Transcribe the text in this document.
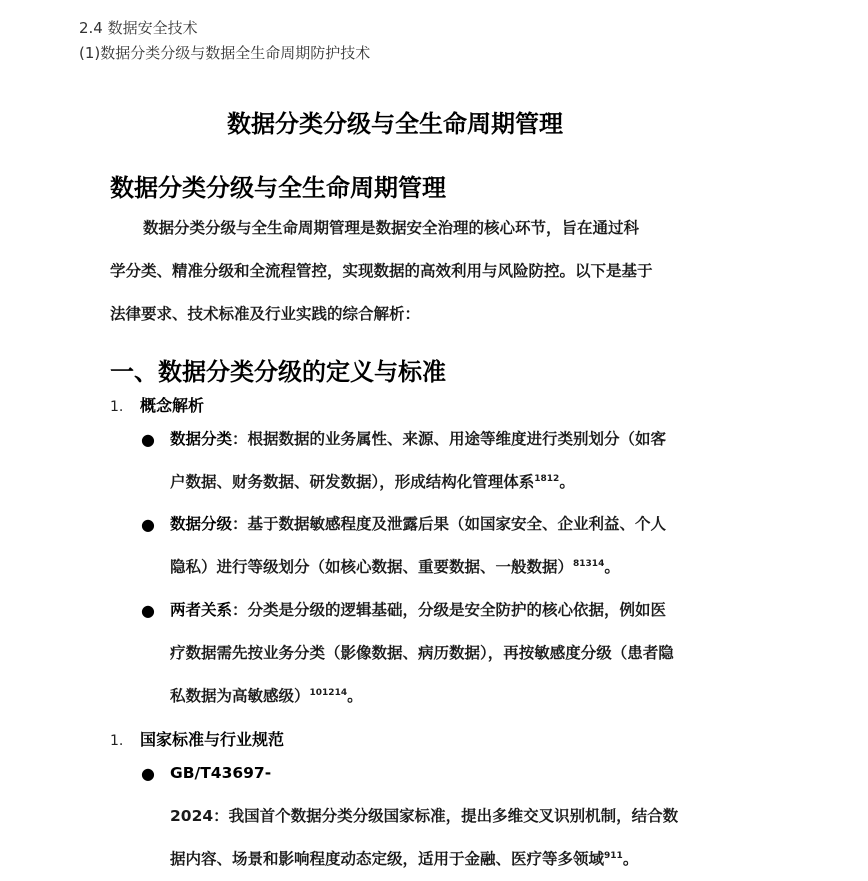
2.4 数据安全技术
(1)数据分类分级与数据全生命周期防护技术
数据分类分级与全生命周期管理
数据分类分级与全生命周期管理
数据分类分级与全生命周期管理是数据安全治理的核心环节，旨在通过科
学分类、精准分级和全流程管控，实现数据的高效利用与风险防控。以下是基于
法律要求、技术标准及行业实践的综合解析：
一、数据分类分级的定义与标准
1. 概念解析
● 数据分类：根据数据的业务属性、来源、用途等维度进行类别划分（如客
户数据、财务数据、研发数据），形成结构化管理体系$^{1812}$。
● 数据分级：基于数据敏感程度及泄露后果（如国家安全、企业利益、个人
隐私）进行等级划分（如核心数据、重要数据、一般数据）$^{81314}$。
● 两者关系：分类是分级的逻辑基础，分级是安全防护的核心依据，例如医
疗数据需先按业务分类（影像数据、病历数据），再按敏感度分级（患者隐
私数据为高敏感级）$^{101214}$。
1. 国家标准与行业规范
● GB/T43697-
2024：我国首个数据分类分级国家标准，提出多维交叉识别机制，结合数
据内容、场景和影响程度动态定级，适用于金融、医疗等多领域$^{911}$。
